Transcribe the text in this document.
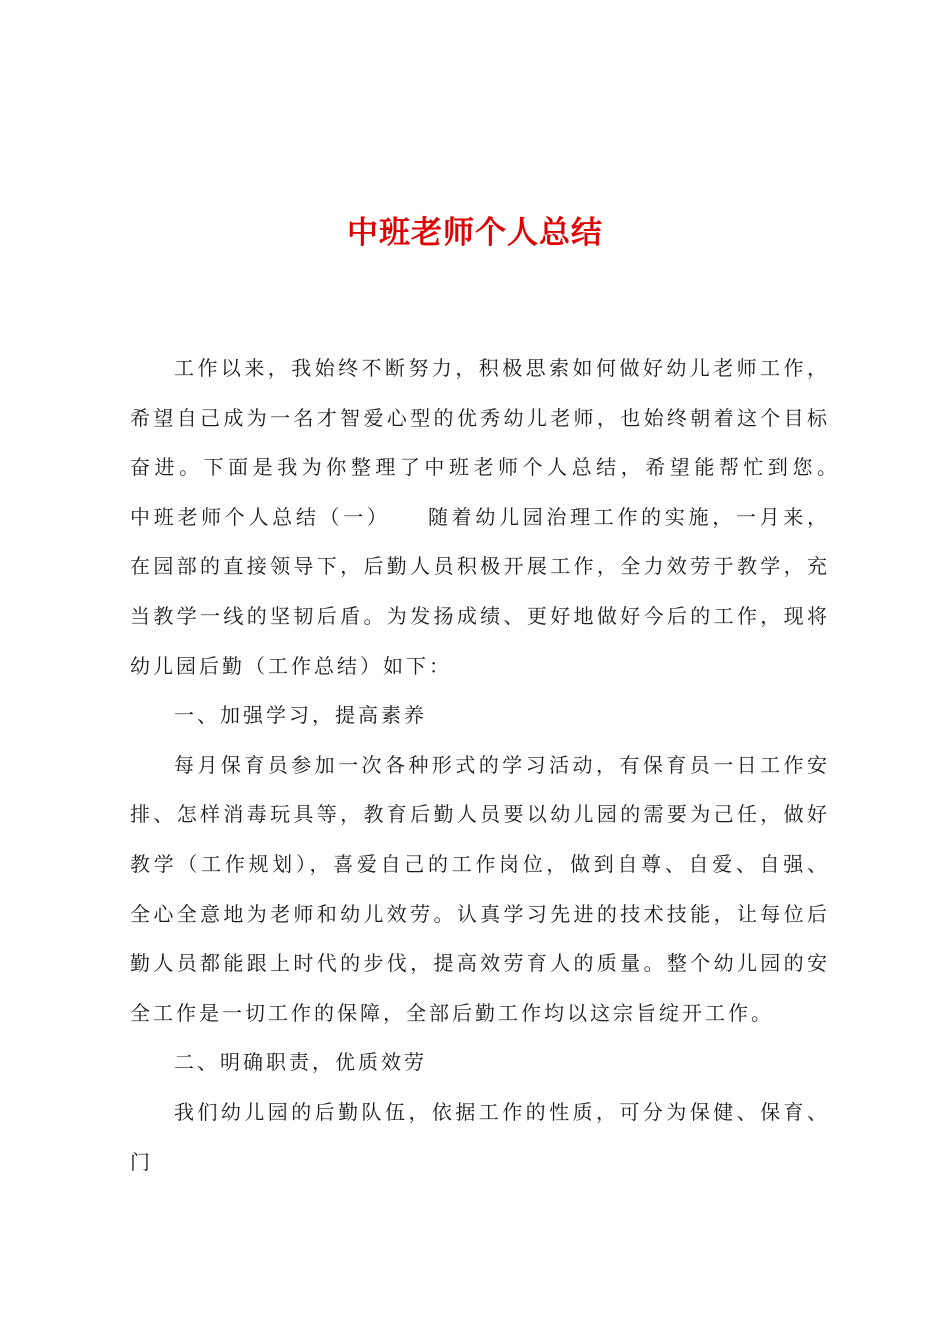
中班老师个人总结

工作以来，我始终不断努力，积极思索如何做好幼儿老师工作，希望自己成为一名才智爱心型的优秀幼儿老师，也始终朝着这个目标奋进。下面是我为你整理了中班老师个人总结，希望能帮忙到您。　　中班老师个人总结（一）　　随着幼儿园治理工作的实施，一月来，在园部的直接领导下，后勤人员积极开展工作，全力效劳于教学，充当教学一线的坚韧后盾。为发扬成绩、更好地做好今后的工作，现将幼儿园后勤（工作总结）如下：

一、加强学习，提高素养

每月保育员参加一次各种形式的学习活动，有保育员一日工作安排、怎样消毒玩具等，教育后勤人员要以幼儿园的需要为己任，做好教学（工作规划），喜爱自己的工作岗位，做到自尊、自爱、自强、全心全意地为老师和幼儿效劳。认真学习先进的技术技能，让每位后勤人员都能跟上时代的步伐，提高效劳育人的质量。整个幼儿园的安全工作是一切工作的保障，全部后勤工作均以这宗旨绽开工作。

二、明确职责，优质效劳

我们幼儿园的后勤队伍，依据工作的性质，可分为保健、保育、门
